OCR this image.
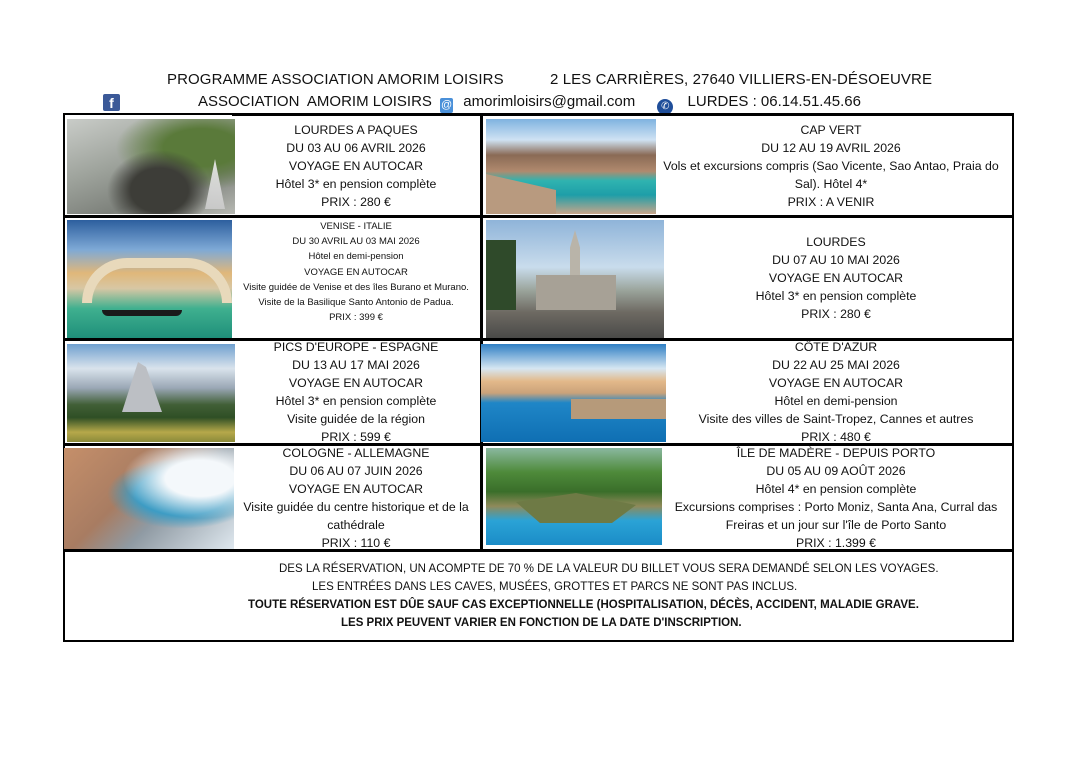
PROGRAMME ASSOCIATION AMORIM LOISIRS	2 LES CARRIÈRES, 27640 VILLIERS-EN-DÉSOEUVRE
f	ASSOCIATION  AMORIM LOISIRS @ amorimloisirs@gmail.com	✆ LURDES : 06.14.51.45.66
LOURDES A PAQUES
DU 03 AU 06 AVRIL 2026
VOYAGE EN AUTOCAR
Hôtel 3* en pension complète
PRIX : 280 €
CAP VERT
DU 12 AU 19 AVRIL 2026
Vols et excursions compris (Sao Vicente, Sao Antao, Praia do Sal). Hôtel 4*
PRIX : A VENIR
VENISE - ITALIE
DU 30 AVRIL AU 03 MAI 2026
Hôtel en demi-pension
VOYAGE EN AUTOCAR
Visite guidée de Venise et des îles Burano et Murano. Visite de la Basilique Santo Antonio de Padua.
PRIX : 399 €
LOURDES
DU 07 AU 10 MAI 2026
VOYAGE EN AUTOCAR
Hôtel 3* en pension complète
PRIX : 280 €
PICS D'EUROPE - ESPAGNE
DU 13 AU 17 MAI 2026
VOYAGE EN AUTOCAR
Hôtel 3* en pension complète
Visite guidée de la région
PRIX : 599 €
CÔTE D'AZUR
DU 22 AU 25 MAI 2026
VOYAGE EN AUTOCAR
Hôtel en demi-pension
Visite des villes de Saint-Tropez, Cannes et autres
PRIX : 480 €
COLOGNE - ALLEMAGNE
DU 06 AU 07 JUIN 2026
VOYAGE EN AUTOCAR
Visite guidée du centre historique et de la cathédrale
PRIX : 110 €
ÎLE DE MADÈRE - DEPUIS PORTO
DU 05 AU 09 AOÛT 2026
Hôtel 4* en pension complète
Excursions comprises : Porto Moniz, Santa Ana, Curral das Freiras et un jour sur l'île de Porto Santo
PRIX : 1.399 €
DES LA RÉSERVATION, UN ACOMPTE DE 70 % DE LA VALEUR DU BILLET VOUS SERA DEMANDÉ SELON LES VOYAGES.
LES ENTRÉES DANS LES CAVES, MUSÉES, GROTTES ET PARCS NE SONT PAS INCLUS.
TOUTE RÉSERVATION EST DÛE SAUF CAS EXCEPTIONNELLE (HOSPITALISATION, DÉCÈS, ACCIDENT, MALADIE GRAVE.
LES PRIX PEUVENT VARIER EN FONCTION DE LA DATE D'INSCRIPTION.
